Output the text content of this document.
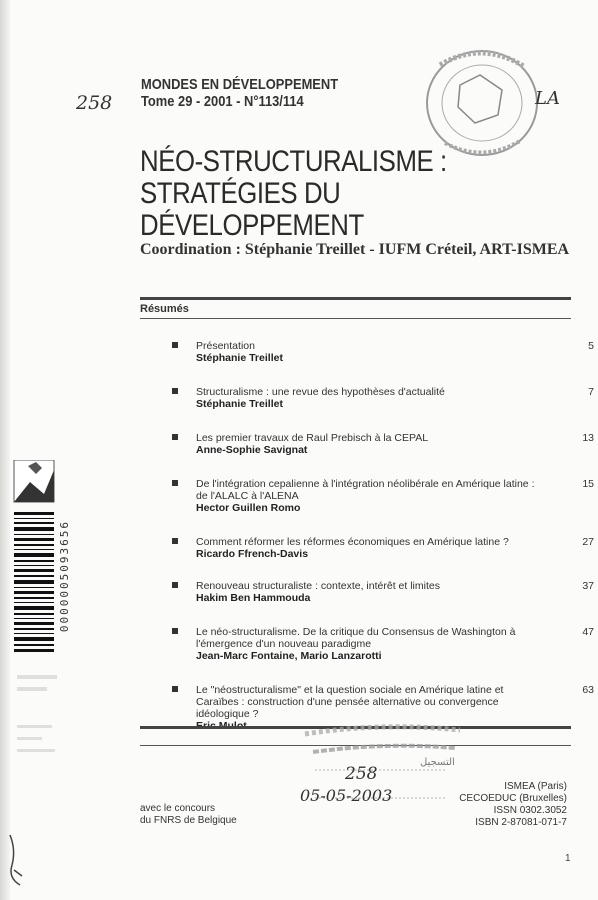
258
MONDES EN DÉVELOPPEMENT
Tome 29 - 2001 - N°113/114	LA
NÉO-STRUCTURALISME :
STRATÉGIES DU DÉVELOPPEMENT
Coordination : Stéphanie Treillet - IUFM Créteil, ART-ISMEA
Résumés
Présentation
Stéphanie Treillet
5
Structuralisme : une revue des hypothèses d'actualité
Stéphanie Treillet
7
Les premier travaux de Raul Prebisch à la CEPAL
Anne-Sophie Savignat
13
De l'intégration cepalienne à l'intégration néolibérale en Amérique latine : de l'ALALC à l'ALENA
Hector Guillen Romo
15
Comment réformer les réformes économiques en Amérique latine ?
Ricardo Ffrench-Davis
27
Renouveau structuraliste : contexte, intérêt et limites
Hakim Ben Hammouda
37
Le néo-structuralisme. De la critique du Consensus de Washington à l'émergence d'un nouveau paradigme
Jean-Marc Fontaine, Mario Lanzarotti
47
Le "néostructuralisme" et la question sociale en Amérique latine et Caraïbes : construction d'une pensée alternative ou convergence idéologique ?
63
0000005093656
التسجيل
258
05-05-2003
avec le concours
du FNRS de Belgique
ISMEA (Paris)
CECOEDUC (Bruxelles)
ISSN 0302.3052
ISBN 2-87081-071-7
1
